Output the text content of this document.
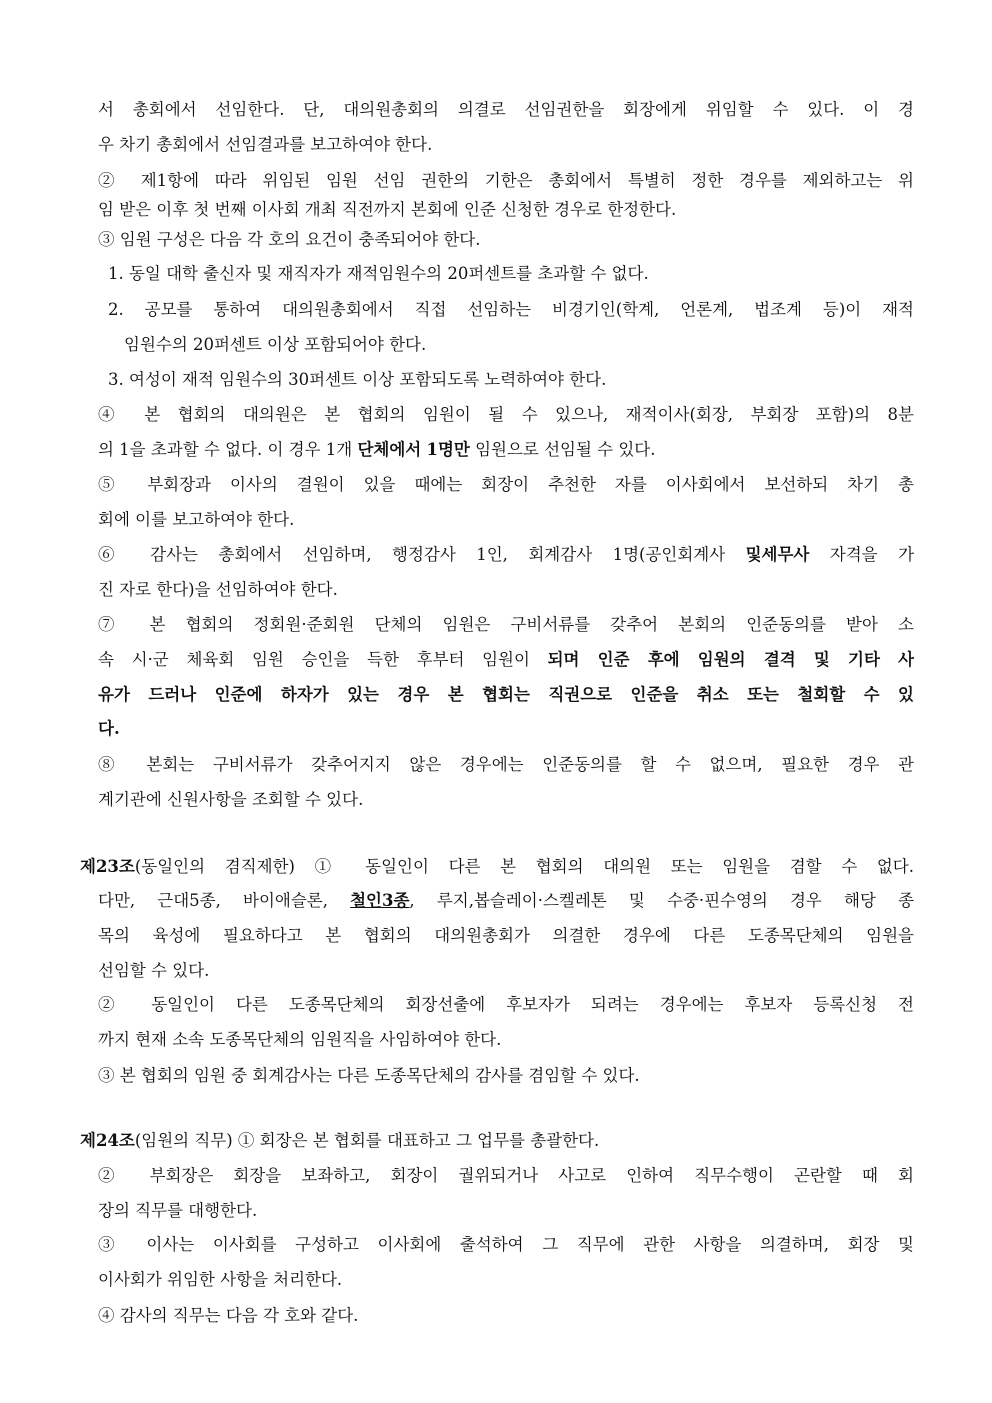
서 총회에서 선임한다. 단, 대의원총회의 의결로 선임권한을 회장에게 위임할 수 있다. 이 경
우 차기 총회에서 선임결과를 보고하여야 한다.
② 제1항에 따라 위임된 임원 선임 권한의 기한은 총회에서 특별히 정한 경우를 제외하고는 위
임 받은 이후 첫 번째 이사회 개최 직전까지 본회에 인준 신청한 경우로 한정한다.
③ 임원 구성은 다음 각 호의 요건이 충족되어야 한다.
1. 동일 대학 출신자 및 재직자가 재적임원수의 20퍼센트를 초과할 수 없다.
2. 공모를 통하여 대의원총회에서 직접 선임하는 비경기인(학계, 언론계, 법조계 등)이 재적
임원수의 20퍼센트 이상 포함되어야 한다.
3. 여성이 재적 임원수의 30퍼센트 이상 포함되도록 노력하여야 한다.
④ 본 협회의 대의원은 본 협회의 임원이 될 수 있으나, 재적이사(회장, 부회장 포함)의 8분
의 1을 초과할 수 없다. 이 경우 1개 단체에서 1명만 임원으로 선임될 수 있다.
⑤ 부회장과 이사의 결원이 있을 때에는 회장이 추천한 자를 이사회에서 보선하되 차기 총
회에 이를 보고하여야 한다.
⑥ 감사는 총회에서 선임하며, 행정감사 1인, 회계감사 1명(공인회계사 및세무사 자격을 가
진 자로 한다)을 선임하여야 한다.
⑦ 본 협회의 정회원·준회원 단체의 임원은 구비서류를 갖추어 본회의 인준동의를 받아 소
속 시·군 체육회 임원 승인을 득한 후부터 임원이 되며 인준 후에 임원의 결격 및 기타 사
유가 드러나 인준에 하자가 있는 경우 본 협회는 직권으로 인준을 취소 또는 철회할 수 있
다.
⑧ 본회는 구비서류가 갖추어지지 않은 경우에는 인준동의를 할 수 없으며, 필요한 경우 관
계기관에 신원사항을 조회할 수 있다.
제23조(동일인의 겸직제한) ① 동일인이 다른 본 협회의 대의원 또는 임원을 겸할 수 없다.
다만, 근대5종, 바이애슬론, 철인3종, 루지,봅슬레이·스켈레톤 및 수중·핀수영의 경우 해당 종
목의 육성에 필요하다고 본 협회의 대의원총회가 의결한 경우에 다른 도종목단체의 임원을
선임할 수 있다.
② 동일인이 다른 도종목단체의 회장선출에 후보자가 되려는 경우에는 후보자 등록신청 전
까지 현재 소속 도종목단체의 임원직을 사임하여야 한다.
③ 본 협회의 임원 중 회계감사는 다른 도종목단체의 감사를 겸임할 수 있다.
제24조(임원의 직무) ① 회장은 본 협회를 대표하고 그 업무를 총괄한다.
② 부회장은 회장을 보좌하고, 회장이 궐위되거나 사고로 인하여 직무수행이 곤란할 때 회
장의 직무를 대행한다.
③ 이사는 이사회를 구성하고 이사회에 출석하여 그 직무에 관한 사항을 의결하며, 회장 및
이사회가 위임한 사항을 처리한다.
④ 감사의 직무는 다음 각 호와 같다.
